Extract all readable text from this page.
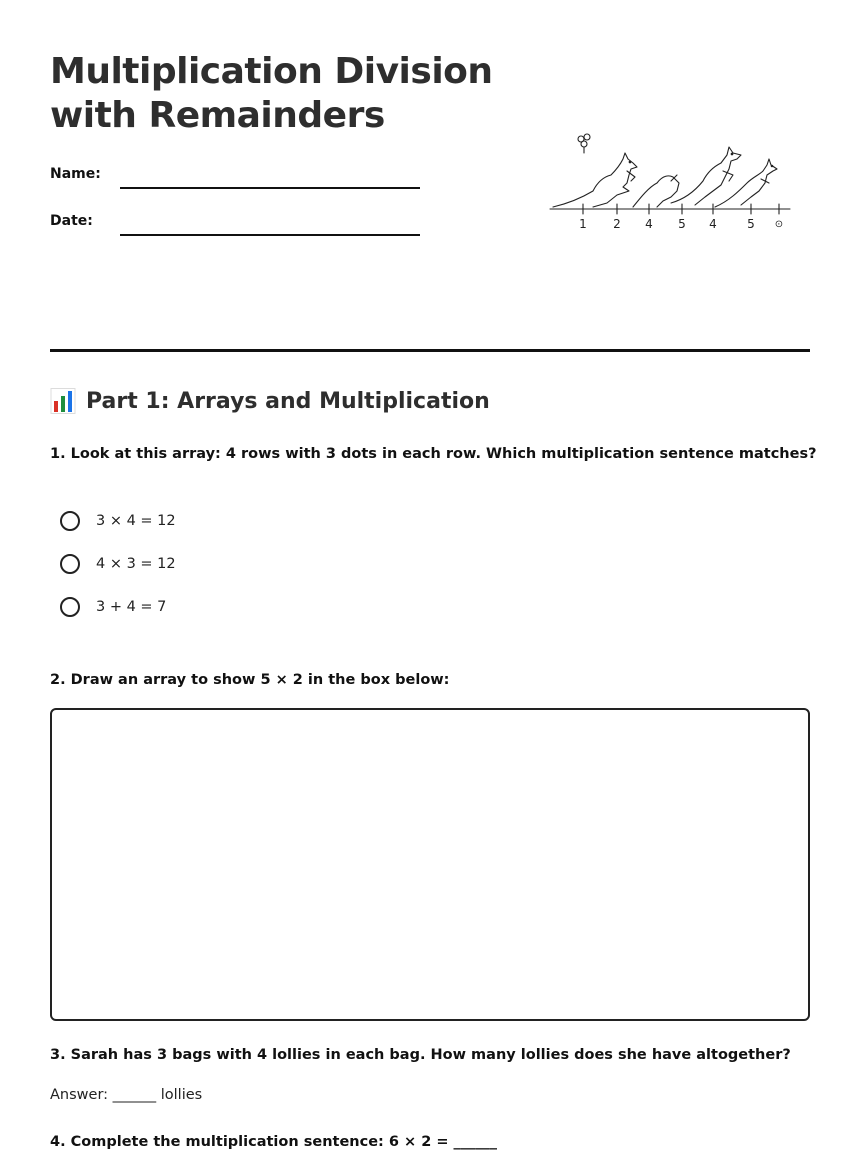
Multiplication Division
with Remainders
Name:
Date:	1 2 4 5 4	5 ⊙
Part 1: Arrays and Multiplication
1. Look at this array: 4 rows with 3 dots in each row. Which multiplication sentence matches?
3 × 4 = 12
4 × 3 = 12
3 + 4 = 7
2. Draw an array to show 5 × 2 in the box below:
3. Sarah has 3 bags with 4 lollies in each bag. How many lollies does she have altogether?
Answer: ______ lollies
4. Complete the multiplication sentence: 6 × 2 = ______
